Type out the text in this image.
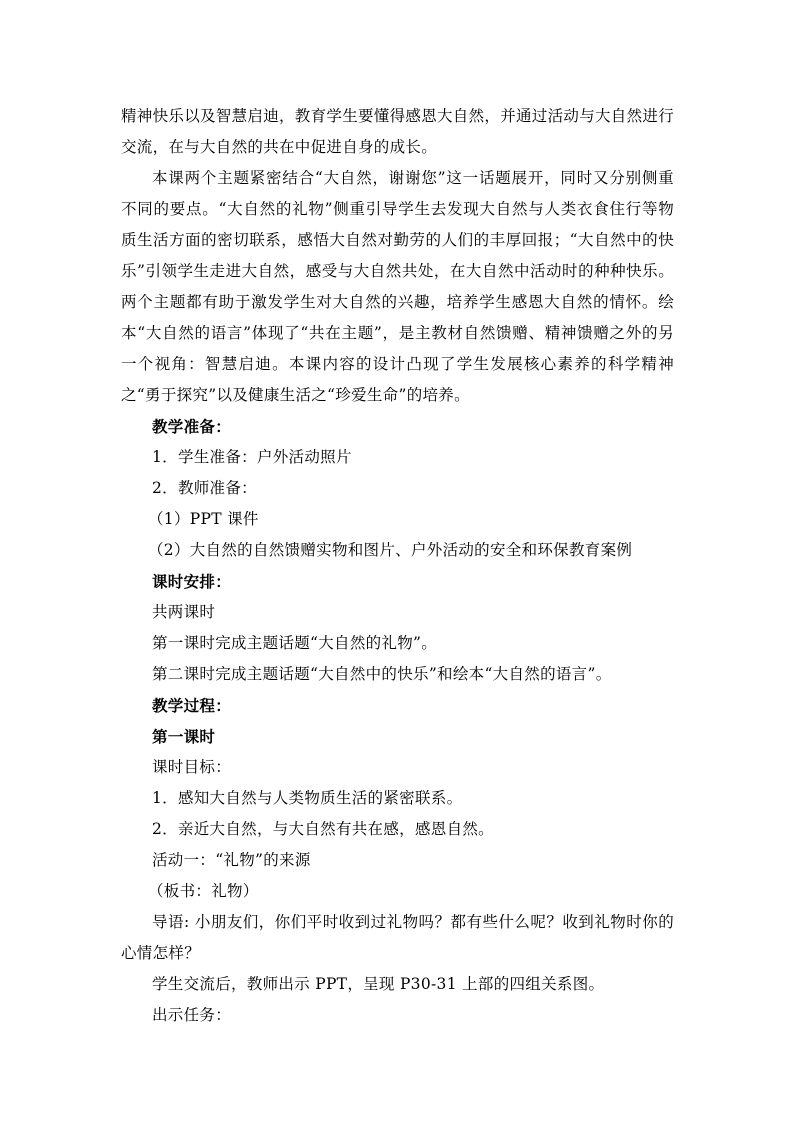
精神快乐以及智慧启迪，教育学生要懂得感恩大自然，并通过活动与大自然进行交流，在与大自然的共在中促进自身的成长。

本课两个主题紧密结合“大自然，谢谢您”这一话题展开，同时又分别侧重不同的要点。“大自然的礼物”侧重引导学生去发现大自然与人类衣食住行等物质生活方面的密切联系，感悟大自然对勤劳的人们的丰厚回报；“大自然中的快乐”引领学生走进大自然，感受与大自然共处，在大自然中活动时的种种快乐。两个主题都有助于激发学生对大自然的兴趣，培养学生感恩大自然的情怀。绘本“大自然的语言”体现了“共在主题”，是主教材自然馈赠、精神馈赠之外的另一个视角：智慧启迪。本课内容的设计凸现了学生发展核心素养的科学精神之“勇于探究”以及健康生活之“珍爱生命”的培养。

教学准备：

1．学生准备：户外活动照片

2．教师准备：

（1）PPT 课件

（2）大自然的自然馈赠实物和图片、户外活动的安全和环保教育案例

课时安排：

共两课时

第一课时完成主题话题“大自然的礼物”。

第二课时完成主题话题“大自然中的快乐”和绘本“大自然的语言”。

教学过程：

第一课时

课时目标：

1．感知大自然与人类物质生活的紧密联系。

2．亲近大自然，与大自然有共在感，感恩自然。

活动一：“礼物”的来源

（板书：礼物）

导语: 小朋友们，你们平时收到过礼物吗？都有些什么呢？收到礼物时你的心情怎样？

学生交流后，教师出示 PPT，呈现 P30-31 上部的四组关系图。

出示任务：
